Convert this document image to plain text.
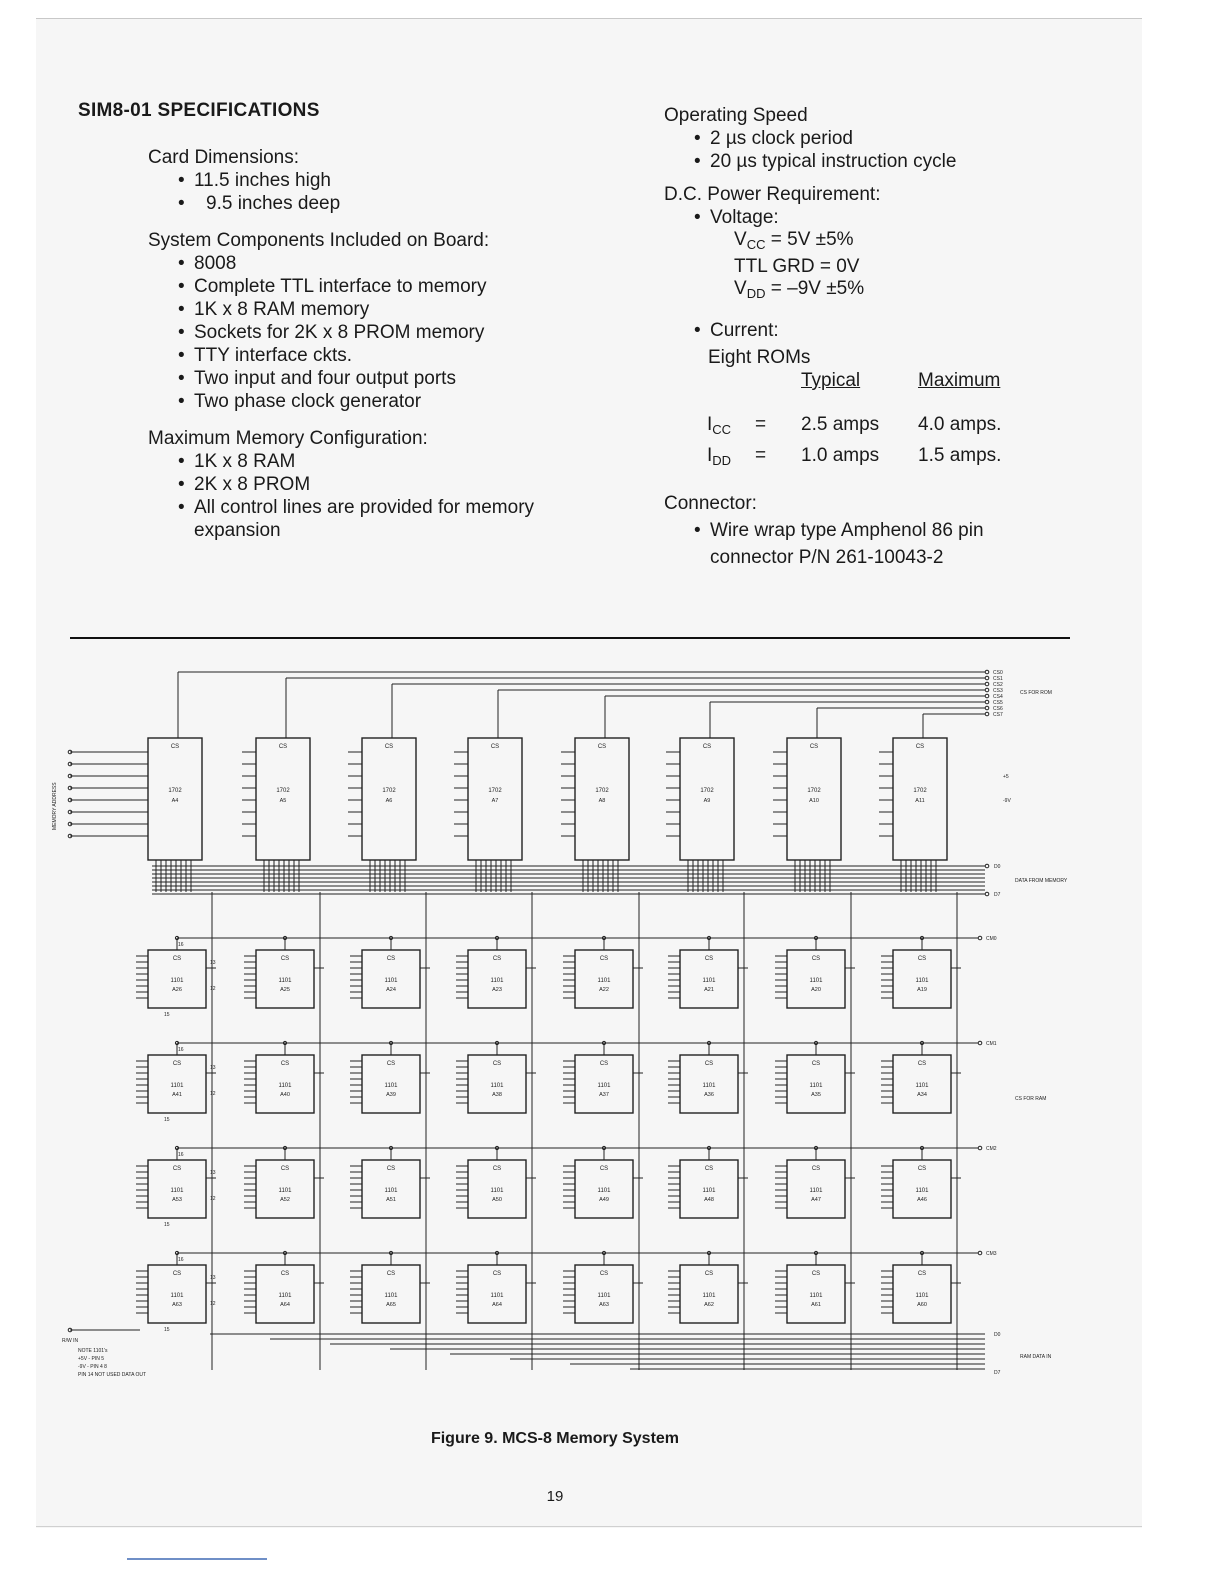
SIM8-01 SPECIFICATIONS

Card Dimensions:

• 11.5 inches high
• 9.5 inches deep

System Components Included on Board:

• 8008
• Complete TTL interface to memory
• 1K x 8 RAM memory
• Sockets for 2K x 8 PROM memory
• TTY interface ckts.
• Two input and four output ports
• Two phase clock generator

Maximum Memory Configuration:

• 1K x 8 RAM
• 2K x 8 PROM
• All control lines are provided for memory expansion

Operating Speed

• 2 µs clock period
• 20 µs typical instruction cycle

D.C. Power Requirement:

• Voltage:
$V_{CC} = 5V \pm 5\%$
TTL GRD = 0V
$V_{DD} = -9V \pm 5\%$
• Current:
Eight ROMs
Typical	Maximum
$I_{CC} = 2.5$ amps 4.0 amps.
$I_{DD} = 1.0$ amps 1.5 amps.
Connector:
• Wire wrap type Amphenol 86 pin
connector P/N 261-10043-2
CS0
CS1
CS2
CS3
CS4
CS5
CS6
CS7
CS FOR ROM
CS
1702
A4
CS
1702
A5
CS
1702
A6
CS
1702
A7
CS
1702
A8
CS
1702
A9
CS
1702
A10
CS
1702
A11
MEMORY ADDRESS
D0
D7
DATA FROM MEMORY
+5
-9V
CS
1101
A26
CS
1101
A25
CS
1101
A24
CS
1101
A23
CS
1101
A22
CS
1101
A21
CS
1101
A20
CS
1101
A19
CM0
CS
1101
A41
CS
1101
A40
CS
1101
A39
CS
1101
A38
CS
1101
A37
CS
1101
A36
CS
1101
A35
CS
1101
A34
CM1
CS
1101
A53
CS
1101
A52
CS
1101
A51
CS
1101
A50
CS
1101
A49
CS
1101
A48
CS
1101
A47
CS
1101
A46
CM2
CS
1101
A63
CS
1101
A64
CS
1101
A65
CS
1101
A64
CS
1101
A63
CS
1101
A62
CS
1101
A61
CS
1101
A60
CM3
CS FOR RAM
R/W IN
D0
D7
RAM DATA IN
13
12
16
15
13
12
16
15
13
12
16
15
13
12
16
15
NOTE 1101's
+5V - PIN 5
-9V - PIN 4 8
PIN 14 NOT USED DATA OUT
Figure 9. MCS-8 Memory System
19
